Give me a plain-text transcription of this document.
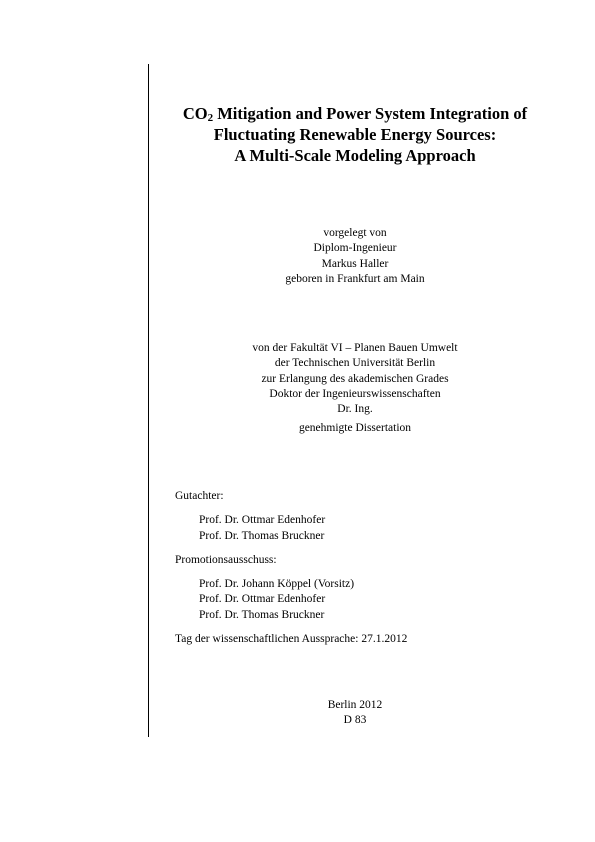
$CO_2$ Mitigation and Power System Integration of
Fluctuating Renewable Energy Sources:
A Multi-Scale Modeling Approach
vorgelegt von
Diplom-Ingenieur
Markus Haller
geboren in Frankfurt am Main
von der Fakultät VI – Planen Bauen Umwelt
der Technischen Universität Berlin
zur Erlangung des akademischen Grades
Doktor der Ingenieurswissenschaften
Dr. Ing.
genehmigte Dissertation
Gutachter:
Prof. Dr. Ottmar Edenhofer
Prof. Dr. Thomas Bruckner
Promotionsausschuss:
Prof. Dr. Johann Köppel (Vorsitz)
Prof. Dr. Ottmar Edenhofer
Prof. Dr. Thomas Bruckner
Tag der wissenschaftlichen Aussprache: 27.1.2012
Berlin 2012
D 83
